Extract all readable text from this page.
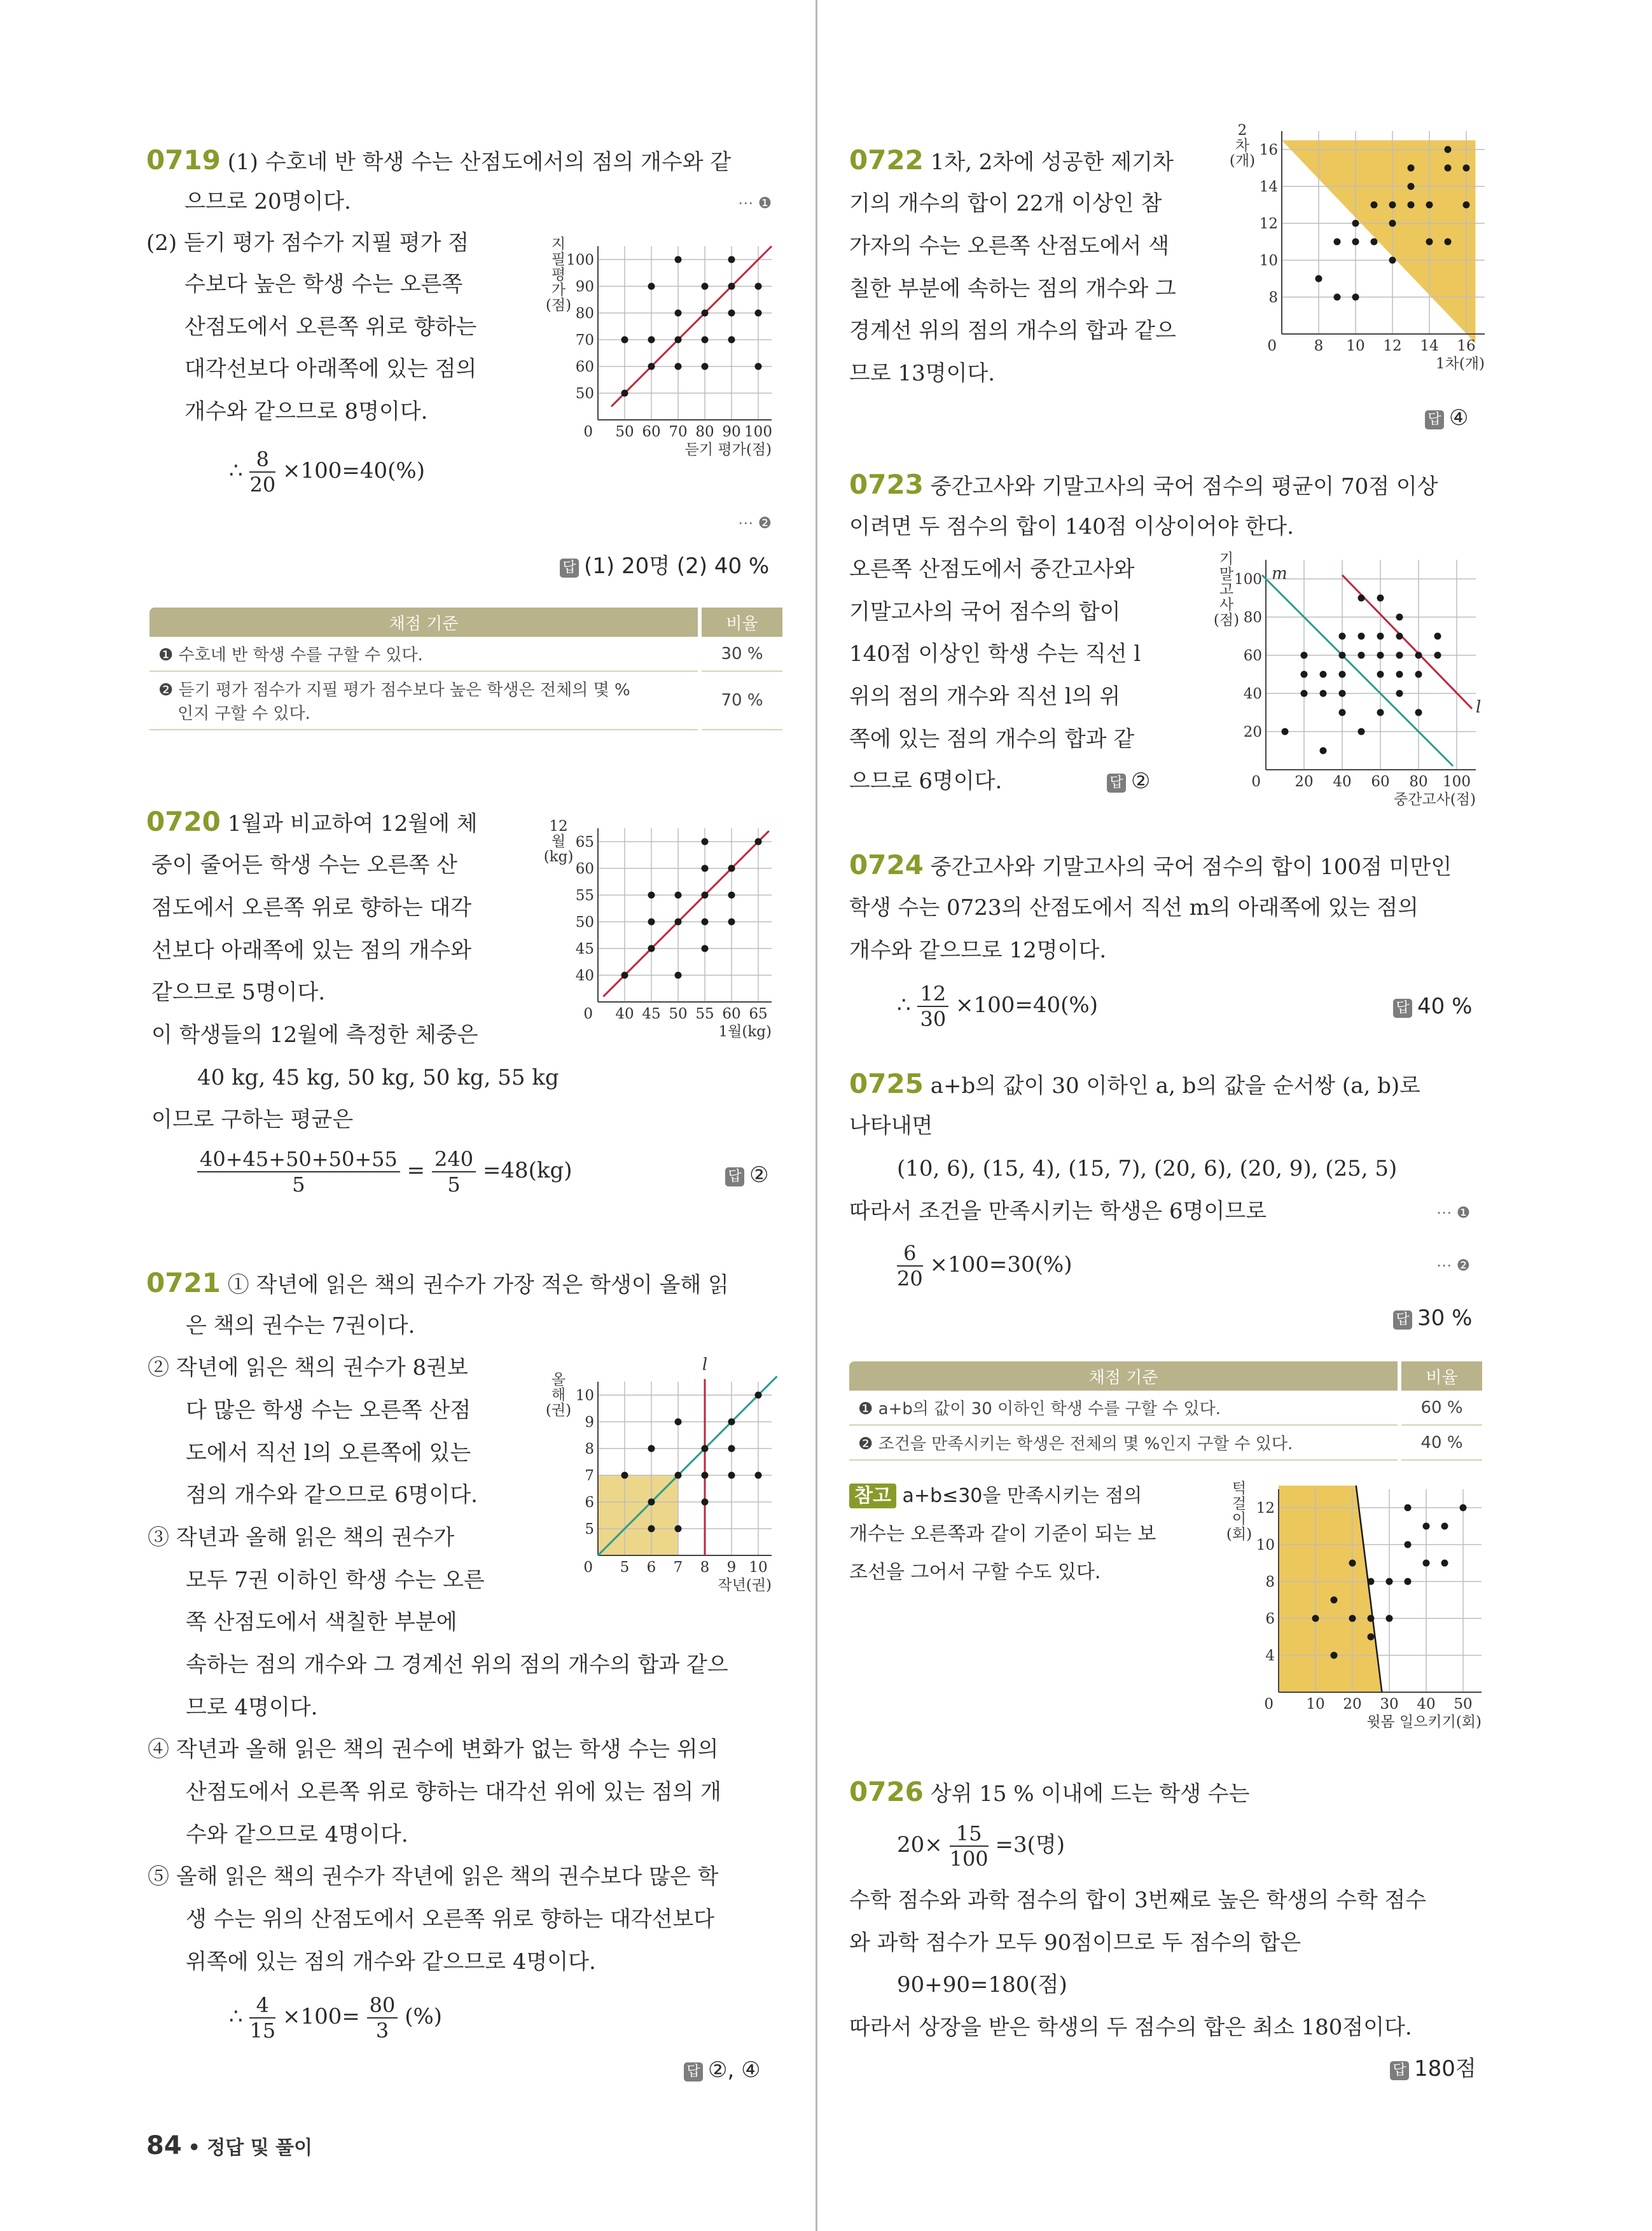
0719 (1) 수호네 반 학생 수는 산점도에서의 점의 개수와 같
으므로 20명이다.	⋯ ❶
(2) 듣기 평가 점수가 지필 평가 점
수보다 높은 학생 수는 오른쪽
산점도에서 오른쪽 위로 향하는
대각선보다 아래쪽에 있는 점의
개수와 같으므로 8명이다.
∴ $\frac{8}{20} \times 100=40(\%)$
⋯ ❷
답 (1) 20명 (2) 40 %
채점 기준	비율
❶ 수호네 반 학생 수를 구할 수 있다.	30 %
❷ 듣기 평가 점수가 지필 평가 점수보다 높은 학생은 전체의 몇 %
인지 구할 수 있다.	70 %
50 60 70 80 90 100
50
60
70
80
90
100
0
듣기 평가(점)
지
필
평
가
(점)
0720 1월과 비교하여 12월에 체
중이 줄어든 학생 수는 오른쪽 산
점도에서 오른쪽 위로 향하는 대각
선보다 아래쪽에 있는 점의 개수와
같으므로 5명이다.
이 학생들의 12월에 측정한 체중은
40 kg, 45 kg, 50 kg, 50 kg, 55 kg
이므로 구하는 평균은
$\frac{40+45+50+50+55}{5} = \frac{240}{5} =48(kg)$	답 ②
40 45 50 55 60 65
40
45
50
55
60
65
0
1월(kg)
12
월
(kg)
0721 ① 작년에 읽은 책의 권수가 가장 적은 학생이 올해 읽
은 책의 권수는 7권이다.
② 작년에 읽은 책의 권수가 8권보
다 많은 학생 수는 오른쪽 산점
도에서 직선 l의 오른쪽에 있는
점의 개수와 같으므로 6명이다.
③ 작년과 올해 읽은 책의 권수가
모두 7권 이하인 학생 수는 오른
쪽 산점도에서 색칠한 부분에
속하는 점의 개수와 그 경계선 위의 점의 개수의 합과 같으
므로 4명이다.
④ 작년과 올해 읽은 책의 권수에 변화가 없는 학생 수는 위의
산점도에서 오른쪽 위로 향하는 대각선 위에 있는 점의 개
수와 같으므로 4명이다.
⑤ 올해 읽은 책의 권수가 작년에 읽은 책의 권수보다 많은 학
생 수는 위의 산점도에서 오른쪽 위로 향하는 대각선보다
위쪽에 있는 점의 개수와 같으므로 4명이다.
∴ $\frac{4}{15} \times 100= \frac{80}{3}$ (%)
답 ②, ④
5 6 7 8 9 10
5
6
7
8
9
10
0
작년(권)
올
해
(권)
l
84 • 정답 및 풀이
0722 1차, 2차에 성공한 제기차
기의 개수의 합이 22개 이상인 참
가자의 수는 오른쪽 산점도에서 색
칠한 부분에 속하는 점의 개수와 그
경계선 위의 점의 개수의 합과 같으
므로 13명이다.
답 ④
8 10 12 14 16
8
10
12
14
16
0
1차(개)
2
차
(개)
0723 중간고사와 기말고사의 국어 점수의 평균이 70점 이상
이려면 두 점수의 합이 140점 이상이어야 한다.
오른쪽 산점도에서 중간고사와
기말고사의 국어 점수의 합이
140점 이상인 학생 수는 직선 l
위의 점의 개수와 직선 l의 위
쪽에 있는 점의 개수의 합과 같
으므로 6명이다.	답 ②	20 40 60 80 100
20
40
60
80
100
0
중간고사(점)
기
말
고
사
(점)
l
m
0724 중간고사와 기말고사의 국어 점수의 합이 100점 미만인
학생 수는 0723의 산점도에서 직선 m의 아래쪽에 있는 점의
개수와 같으므로 12명이다.
∴ $\frac{12}{30} \times 100=40(\%)$	답 40 %
0725 a+b의 값이 30 이하인 a, b의 값을 순서쌍 (a, b)로
나타내면
(10, 6), (15, 4), (15, 7), (20, 6), (20, 9), (25, 5)
따라서 조건을 만족시키는 학생은 6명이므로	⋯ ❶
$\frac{6}{20} \times 100=30(\%)$	⋯ ❷
답 30 %
채점 기준	비율
❶ a+b의 값이 30 이하인 학생 수를 구할 수 있다.	60 %
❷ 조건을 만족시키는 학생은 전체의 몇 %인지 구할 수 있다.	40 %
참고 a+b≤30을 만족시키는 점의
개수는 오른쪽과 같이 기준이 되는 보
조선을 그어서 구할 수도 있다.
10 20 30 40 50
4
6
8
10
12
0
윗몸 일으키기(회)
턱
걸
이
(회)
0726 상위 15 % 이내에 드는 학생 수는
$20\times \frac{15}{100} =3$(명)
수학 점수와 과학 점수의 합이 3번째로 높은 학생의 수학 점수
와 과학 점수가 모두 90점이므로 두 점수의 합은
90+90=180(점)
따라서 상장을 받은 학생의 두 점수의 합은 최소 180점이다.
답 180점
